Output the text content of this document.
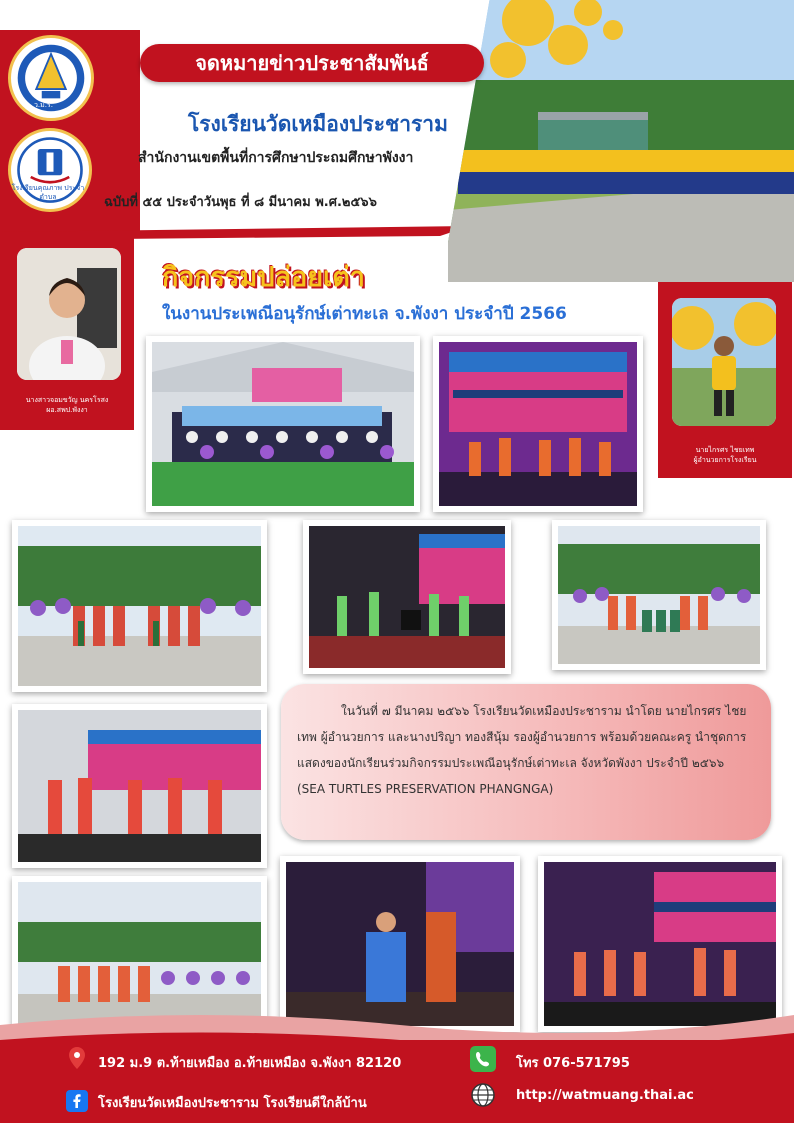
ว.ม.ร.
โรงเรียนคุณภาพ ประจำตำบล
จดหมายข่าวประชาสัมพันธ์
โรงเรียนวัดเหมืองประชาราม
สำนักงานเขตพื้นที่การศึกษาประถมศึกษาพังงา
ฉบับที่ ๕๕ ประจำวันพุธ ที่ ๘ มีนาคม พ.ศ.๒๕๖๖
นางสาวจอมขวัญ นครโรสง
ผอ.สพป.พังงา
นายไกรศร ไชยเทพ
ผู้อำนวยการโรงเรียน
กิจกรรมปล่อยเต่า
ในงานประเพณีอนุรักษ์เต่าทะเล จ.พังงา ประจำปี 2566
ในวันที่ ๗ มีนาคม ๒๕๖๖ โรงเรียนวัดเหมืองประชาราม นำโดย นายไกรศร ไชยเทพ ผู้อำนวยการ และนางปริญา ทองสีนุ้ม รองผู้อำนวยการ พร้อมด้วยคณะครู นำชุดการแสดงของนักเรียนร่วมกิจกรรมประเพณีอนุรักษ์เต่าทะเล จังหวัดพังงา ประจำปี ๒๕๖๖ (SEA TURTLES PRESERVATION PHANGNGA)
192 ม.9 ต.ท้ายเหมือง อ.ท้ายเหมือง จ.พังงา 82120	โทร 076-571795
โรงเรียนวัดเหมืองประชาราม โรงเรียนดีใกล้บ้าน
http://watmuang.thai.ac
